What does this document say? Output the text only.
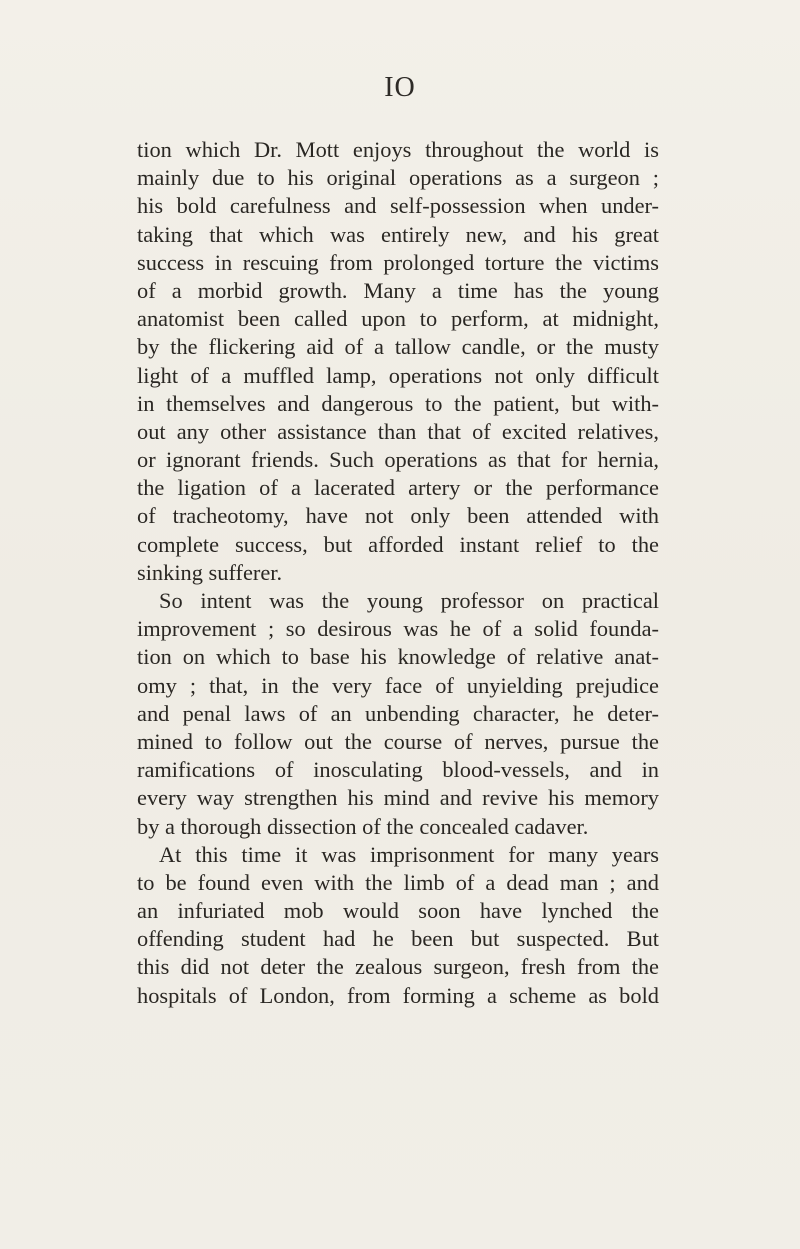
IO
tion which Dr. Mott enjoys throughout the world is
mainly due to his original operations as a surgeon ;
his bold carefulness and self-possession when under-
taking that which was entirely new, and his great
success in rescuing from prolonged torture the victims
of a morbid growth. Many a time has the young
anatomist been called upon to perform, at midnight,
by the flickering aid of a tallow candle, or the musty
light of a muffled lamp, operations not only difficult
in themselves and dangerous to the patient, but with-
out any other assistance than that of excited relatives,
or ignorant friends. Such operations as that for hernia,
the ligation of a lacerated artery or the performance
of tracheotomy, have not only been attended with
complete success, but afforded instant relief to the
sinking sufferer.
So intent was the young professor on practical
improvement ; so desirous was he of a solid founda-
tion on which to base his knowledge of relative anat-
omy ; that, in the very face of unyielding prejudice
and penal laws of an unbending character, he deter-
mined to follow out the course of nerves, pursue the
ramifications of inosculating blood-vessels, and in
every way strengthen his mind and revive his memory
by a thorough dissection of the concealed cadaver.
At this time it was imprisonment for many years
to be found even with the limb of a dead man ; and
an infuriated mob would soon have lynched the
offending student had he been but suspected. But
this did not deter the zealous surgeon, fresh from the
hospitals of London, from forming a scheme as bold
